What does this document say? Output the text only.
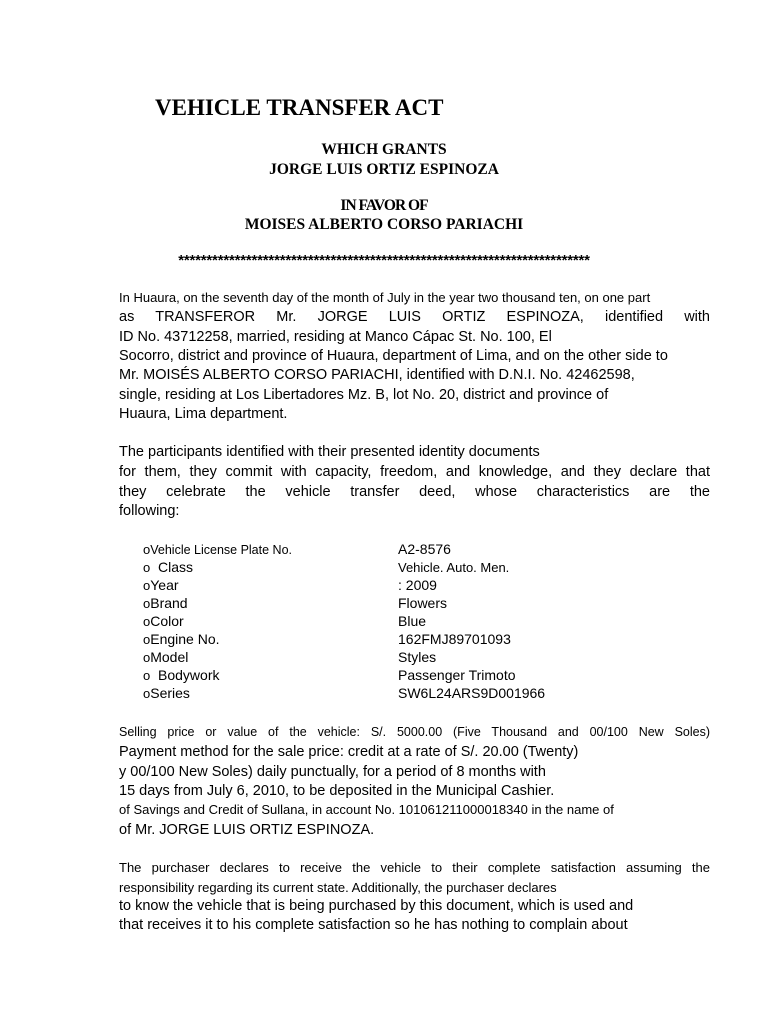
VEHICLE TRANSFER ACT
WHICH GRANTS
JORGE LUIS ORTIZ ESPINOZA
IN FAVOR OF
MOISES ALBERTO CORSO PARIACHI
*************************************************************************
In Huaura, on the seventh day of the month of July in the year two thousand ten, on one part
as TRANSFEROR Mr. JORGE LUIS ORTIZ ESPINOZA, identified with
ID No. 43712258, married, residing at Manco Cápac St. No. 100, El
Socorro, district and province of Huaura, department of Lima, and on the other side to
Mr. MOISÉS ALBERTO CORSO PARIACHI, identified with D.N.I. No. 42462598,
single, residing at Los Libertadores Mz. B, lot No. 20, district and province of
Huaura, Lima department.
The participants identified with their presented identity documents
for them, they commit with capacity, freedom, and knowledge, and they declare that
they celebrate the vehicle transfer deed, whose characteristics are the
following:
oVehicle License Plate No.	A2-8576
o  Class	Vehicle. Auto. Men.
oYear	: 2009
oBrand	Flowers
oColor	Blue
oEngine No.	162FMJ89701093
oModel	Styles
o  Bodywork	Passenger Trimoto
oSeries	SW6L24ARS9D001966
Selling price or value of the vehicle: S/. 5000.00 (Five Thousand and 00/100 New Soles)
Payment method for the sale price: credit at a rate of S/. 20.00 (Twenty)
y 00/100 New Soles) daily punctually, for a period of 8 months with
15 days from July 6, 2010, to be deposited in the Municipal Cashier.
of Savings and Credit of Sullana, in account No. 101061211000018340 in the name of
of Mr. JORGE LUIS ORTIZ ESPINOZA.
The purchaser declares to receive the vehicle to their complete satisfaction assuming the
responsibility regarding its current state. Additionally, the purchaser declares
to know the vehicle that is being purchased by this document, which is used and
that receives it to his complete satisfaction so he has nothing to complain about
